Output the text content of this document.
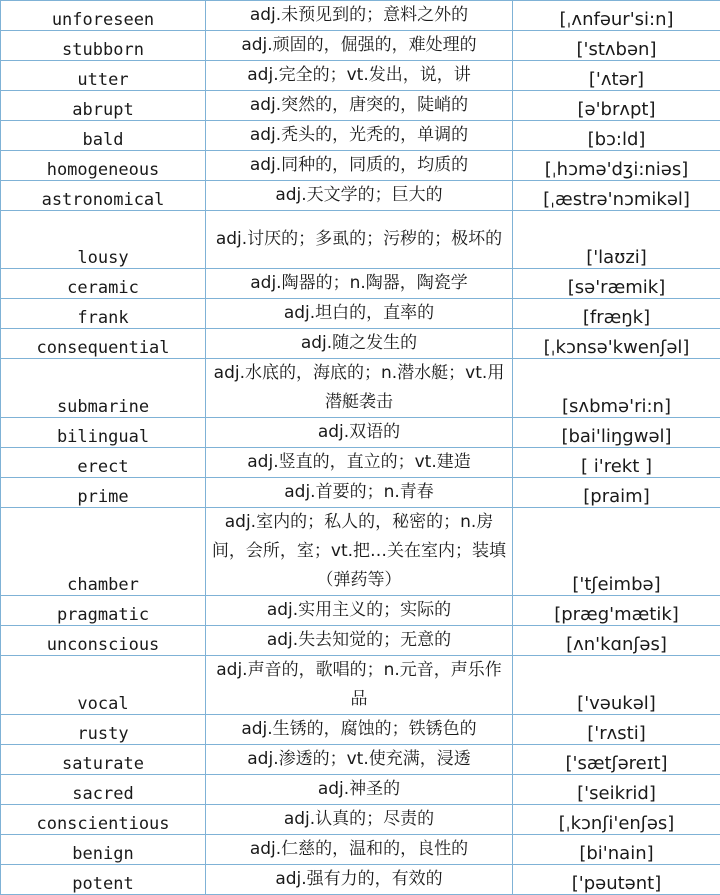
unforeseen	adj.未预见到的；意料之外的	[ˌʌnfəur'si:n]
stubborn	adj.顽固的，倔强的，难处理的	['stʌbən]
utter	adj.完全的；vt.发出，说，讲	['ʌtər]
abrupt	adj.突然的，唐突的，陡峭的	[ə'brʌpt]
bald	adj.秃头的，光秃的，单调的	[bɔ:ld]
homogeneous	adj.同种的，同质的，均质的	[ˌhɔmə'dʒi:niəs]
astronomical	adj.天文学的；巨大的	[ˌæstrə'nɔmikəl]
lousy	adj.讨厌的；多虱的；污秽的；极坏的	['laʊzi]
ceramic	adj.陶器的；n.陶器，陶瓷学	[sə'ræmik]
frank	adj.坦白的，直率的	[fræŋk]
consequential	adj.随之发生的	[ˌkɔnsə'kwenʃəl]
submarine	adj.水底的，海底的；n.潜水艇；vt.用潜艇袭击	[sʌbmə'ri:n]
bilingual	adj.双语的	[bai'liŋgwəl]
erect	adj.竖直的，直立的；vt.建造	[ i'rekt ]
prime	adj.首要的；n.青春	[praim]
chamber	adj.室内的；私人的，秘密的；n.房间，会所，室；vt.把…关在室内；装填（弹药等）	['tʃeimbə]
pragmatic	adj.实用主义的；实际的	[præg'mætik]
unconscious	adj.失去知觉的；无意的	[ʌn'kɑnʃəs]
vocal	adj.声音的，歌唱的；n.元音，声乐作品	['vəukəl]
rusty	adj.生锈的，腐蚀的；铁锈色的	['rʌsti]
saturate	adj.渗透的；vt.使充满，浸透	['sætʃəreɪt]
sacred	adj.神圣的	['seikrid]
conscientious	adj.认真的；尽责的	[ˌkɔnʃi'enʃəs]
benign	adj.仁慈的，温和的，良性的	[bi'nain]
potent	adj.强有力的，有效的	['pəutənt]
